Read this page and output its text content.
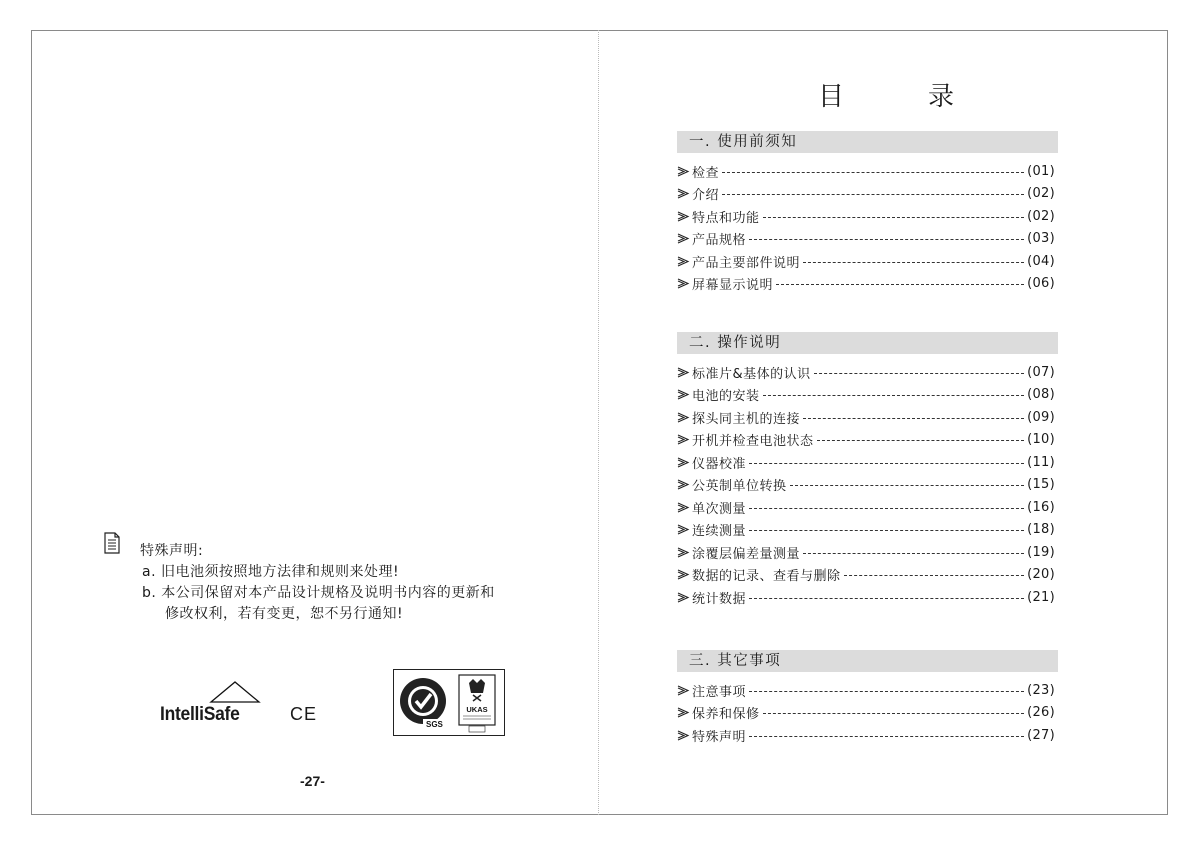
特殊声明:
a. 旧电池须按照地方法律和规则来处理!
b. 本公司保留对本产品设计规格及说明书内容的更新和
修改权利，若有变更，恕不另行通知!
IntelliSafe	CE
SGS
UKAS
-27-
目	录
一. 使用前须知
检查	(01)
介绍	(02)
特点和功能	(02)
产品规格	(03)
产品主要部件说明	(04)
屏幕显示说明	(06)
二. 操作说明
标准片&基体的认识	(07)
电池的安装	(08)
探头同主机的连接	(09)
开机并检查电池状态	(10)
仪器校准	(11)
公英制单位转换	(15)
单次测量	(16)
连续测量	(18)
涂覆层偏差量测量	(19)
数据的记录、查看与删除	(20)
统计数据	(21)
三. 其它事项
注意事项	(23)
保养和保修	(26)
特殊声明	(27)
